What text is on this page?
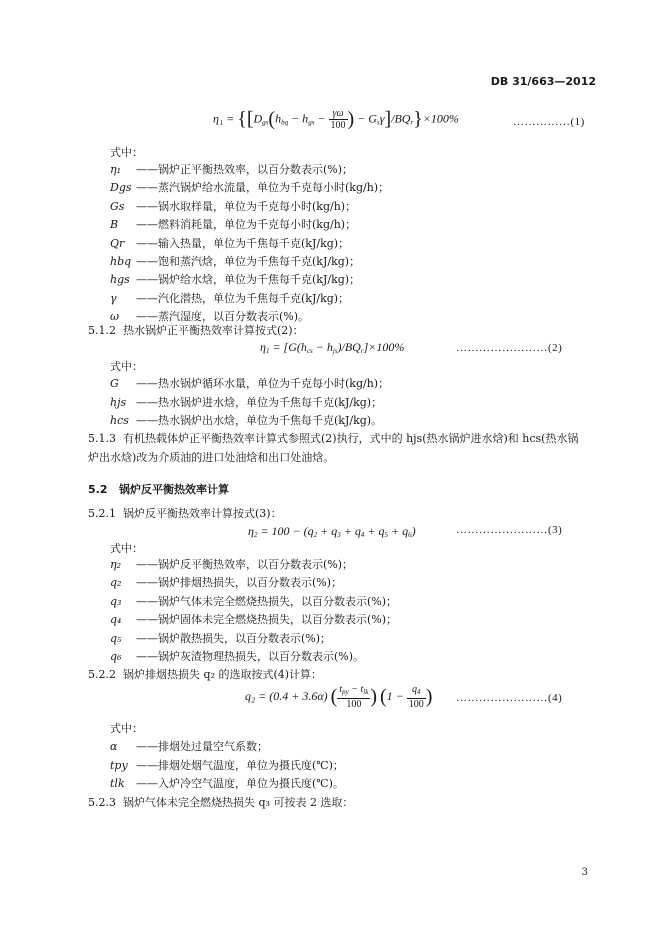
DB 31/663—2012
$\eta_1 = \{[D_{gs}(h_{bq} - h_{gs} - \frac{\gamma\omega}{100}$ ) − $G_s\gamma]/BQ_r\}\times 100\%$	……………(1)
式中：
η₁ ——锅炉正平衡热效率，以百分数表示(%)；
Dgs ——蒸汽锅炉给水流量，单位为千克每小时(kg/h)；
Gs ——锅水取样量，单位为千克每小时(kg/h)；
B ——燃料消耗量，单位为千克每小时(kg/h)；
Qr ——输入热量，单位为千焦每千克(kJ/kg)；
hbq ——饱和蒸汽焓，单位为千焦每千克(kJ/kg)；
hgs ——锅炉给水焓，单位为千焦每千克(kJ/kg)；
γ ——汽化潜热，单位为千焦每千克(kJ/kg)；
ω ——蒸汽湿度，以百分数表示(%)。
5.1.2 热水锅炉正平衡热效率计算按式(2)：
$\eta_1 = [G(h_{cs} - h_{js})/BQ_r]\times 100\%$	……………………(2)
式中：
G ——热水锅炉循环水量，单位为千克每小时(kg/h)；
hjs ——热水锅炉进水焓，单位为千焦每千克(kJ/kg)；
hcs ——热水锅炉出水焓，单位为千焦每千克(kJ/kg)。
5.1.3 有机热载体炉正平衡热效率计算式参照式(2)执行，式中的 hjs(热水锅炉进水焓)和 hcs(热水锅
炉出水焓)改为介质油的进口处油焓和出口处油焓。
5.2 锅炉反平衡热效率计算
5.2.1 锅炉反平衡热效率计算按式(3)：
$\eta_2 = 100 - (q_2 + q_3 + q_4 + q_5 + q_6)$	……………………(3)
式中：
η₂ ——锅炉反平衡热效率，以百分数表示(%)；
q₂ ——锅炉排烟热损失，以百分数表示(%)；
q₃ ——锅炉气体未完全燃烧热损失，以百分数表示(%)；
q₄ ——锅炉固体未完全燃烧热损失，以百分数表示(%)；
q₅ ——锅炉散热损失，以百分数表示(%)；
q₆ ——锅炉灰渣物理热损失，以百分数表示(%)。
5.2.2 锅炉排烟热损失 q₂ 的选取按式(4)计算：
q₂ = (0.4 + 3.6α) ( $\frac{t_{py} - t_{lk}}{100}$ ) ($1 - \frac{q_4}{100}$ ) ……………………(4)
式中：
α ——排烟处过量空气系数；
tpy ——排烟处烟气温度，单位为摄氏度(℃)；
tlk ——入炉冷空气温度，单位为摄氏度(℃)。
5.2.3 锅炉气体未完全燃烧热损失 q₃ 可按表 2 选取：
3
